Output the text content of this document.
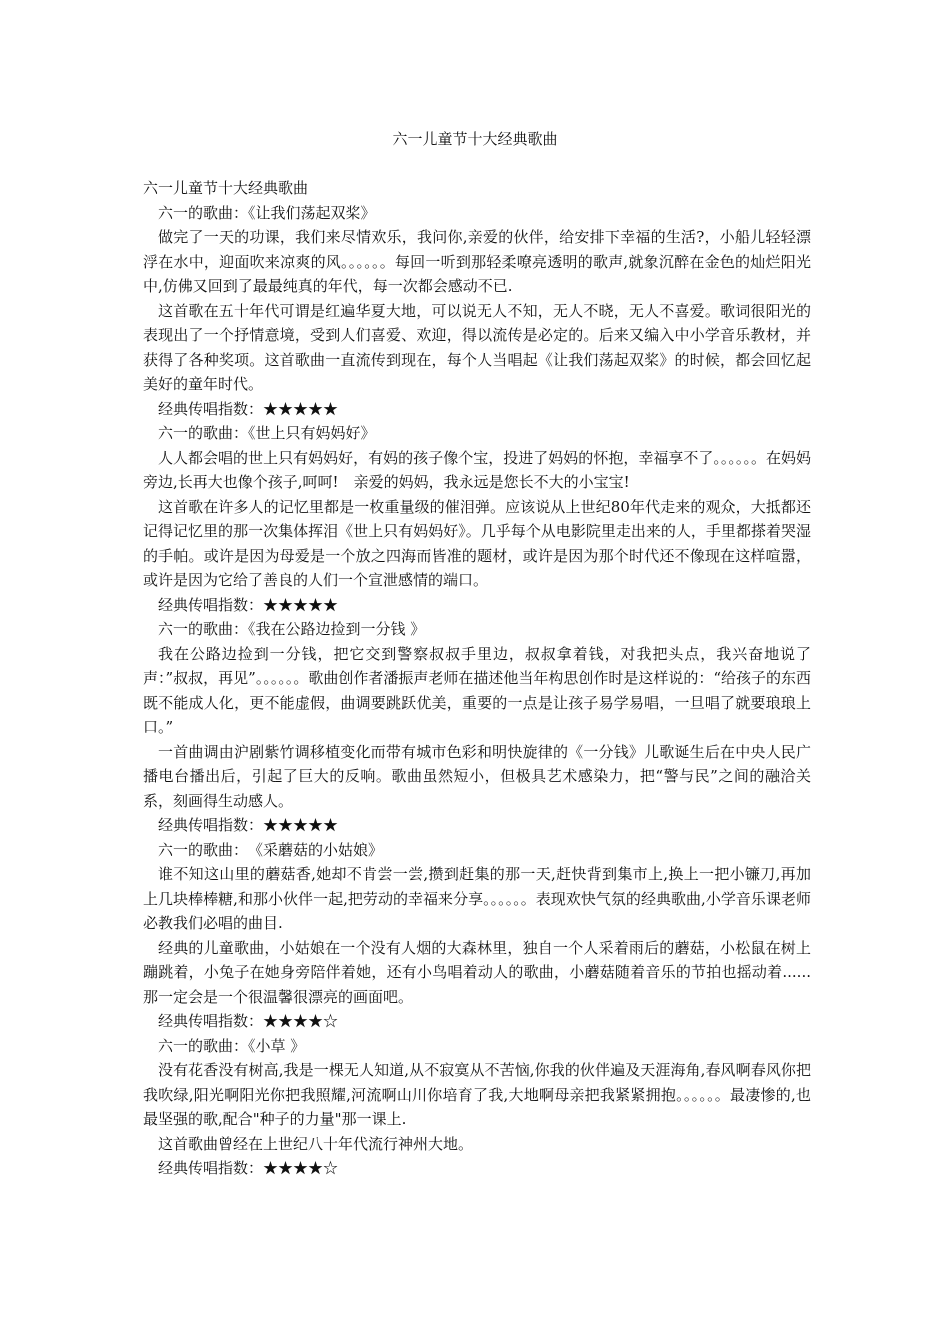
六一儿童节十大经典歌曲

六一儿童节十大经典歌曲

六一的歌曲：《让我们荡起双桨》

做完了一天的功课，我们来尽情欢乐，我问你,亲爱的伙伴，给安排下幸福的生活?，小船儿轻轻漂浮在水中，迎面吹来凉爽的风。。。。。。每回一听到那轻柔嘹亮透明的歌声,就象沉醉在金色的灿烂阳光中,仿佛又回到了最最纯真的年代，每一次都会感动不已.

这首歌在五十年代可谓是红遍华夏大地，可以说无人不知，无人不晓，无人不喜爱。歌词很阳光的表现出了一个抒情意境，受到人们喜爱、欢迎，得以流传是必定的。后来又编入中小学音乐教材，并获得了各种奖项。这首歌曲一直流传到现在，每个人当唱起《让我们荡起双桨》的时候，都会回忆起美好的童年时代。

经典传唱指数：★★★★★

六一的歌曲：《世上只有妈妈好》

人人都会唱的世上只有妈妈好，有妈的孩子像个宝，投进了妈妈的怀抱，幸福享不了。。。。。。在妈妈旁边,长再大也像个孩子,呵呵!　亲爱的妈妈，我永远是您长不大的小宝宝!

这首歌在许多人的记忆里都是一枚重量级的催泪弹。应该说从上世纪80年代走来的观众，大抵都还记得记忆里的那一次集体挥泪《世上只有妈妈好》。几乎每个从电影院里走出来的人，手里都搽着哭湿的手帕。或许是因为母爱是一个放之四海而皆准的题材，或许是因为那个时代还不像现在这样喧嚣，或许是因为它给了善良的人们一个宣泄感情的端口。

经典传唱指数：★★★★★

六一的歌曲：《我在公路边捡到一分钱 》

我在公路边捡到一分钱，把它交到警察叔叔手里边，叔叔拿着钱，对我把头点，我兴奋地说了声：”叔叔，再见”。。。。。。歌曲创作者潘振声老师在描述他当年构思创作时是这样说的：“给孩子的东西既不能成人化，更不能虚假，曲调要跳跃优美，重要的一点是让孩子易学易唱，一旦唱了就要琅琅上口。”

一首曲调由沪剧紫竹调移植变化而带有城市色彩和明快旋律的《一分钱》儿歌诞生后在中央人民广播电台播出后，引起了巨大的反响。歌曲虽然短小，但极具艺术感染力，把“警与民”之间的融洽关系，刻画得生动感人。

经典传唱指数：★★★★★

六一的歌曲：　《采蘑菇的小姑娘》

谁不知这山里的蘑菇香,她却不肯尝一尝,攒到赶集的那一天,赶快背到集市上,换上一把小镰刀,再加上几块棒棒糖,和那小伙伴一起,把劳动的幸福来分享。。。。。。表现欢快气氛的经典歌曲,小学音乐课老师必教我们必唱的曲目.

经典的儿童歌曲，小姑娘在一个没有人烟的大森林里，独自一个人采着雨后的蘑菇，小松鼠在树上蹦跳着，小兔子在她身旁陪伴着她，还有小鸟唱着动人的歌曲，小蘑菇随着音乐的节拍也摇动着......那一定会是一个很温馨很漂亮的画面吧。

经典传唱指数：★★★★☆

六一的歌曲：《小草 》

没有花香没有树高,我是一棵无人知道,从不寂寞从不苦恼,你我的伙伴遍及天涯海角,春风啊春风你把我吹绿,阳光啊阳光你把我照耀,河流啊山川你培育了我,大地啊母亲把我紧紧拥抱。。。。。。最凄惨的,也最坚强的歌,配合"种子的力量"那一课上.

这首歌曲曾经在上世纪八十年代流行神州大地。

经典传唱指数：★★★★☆
